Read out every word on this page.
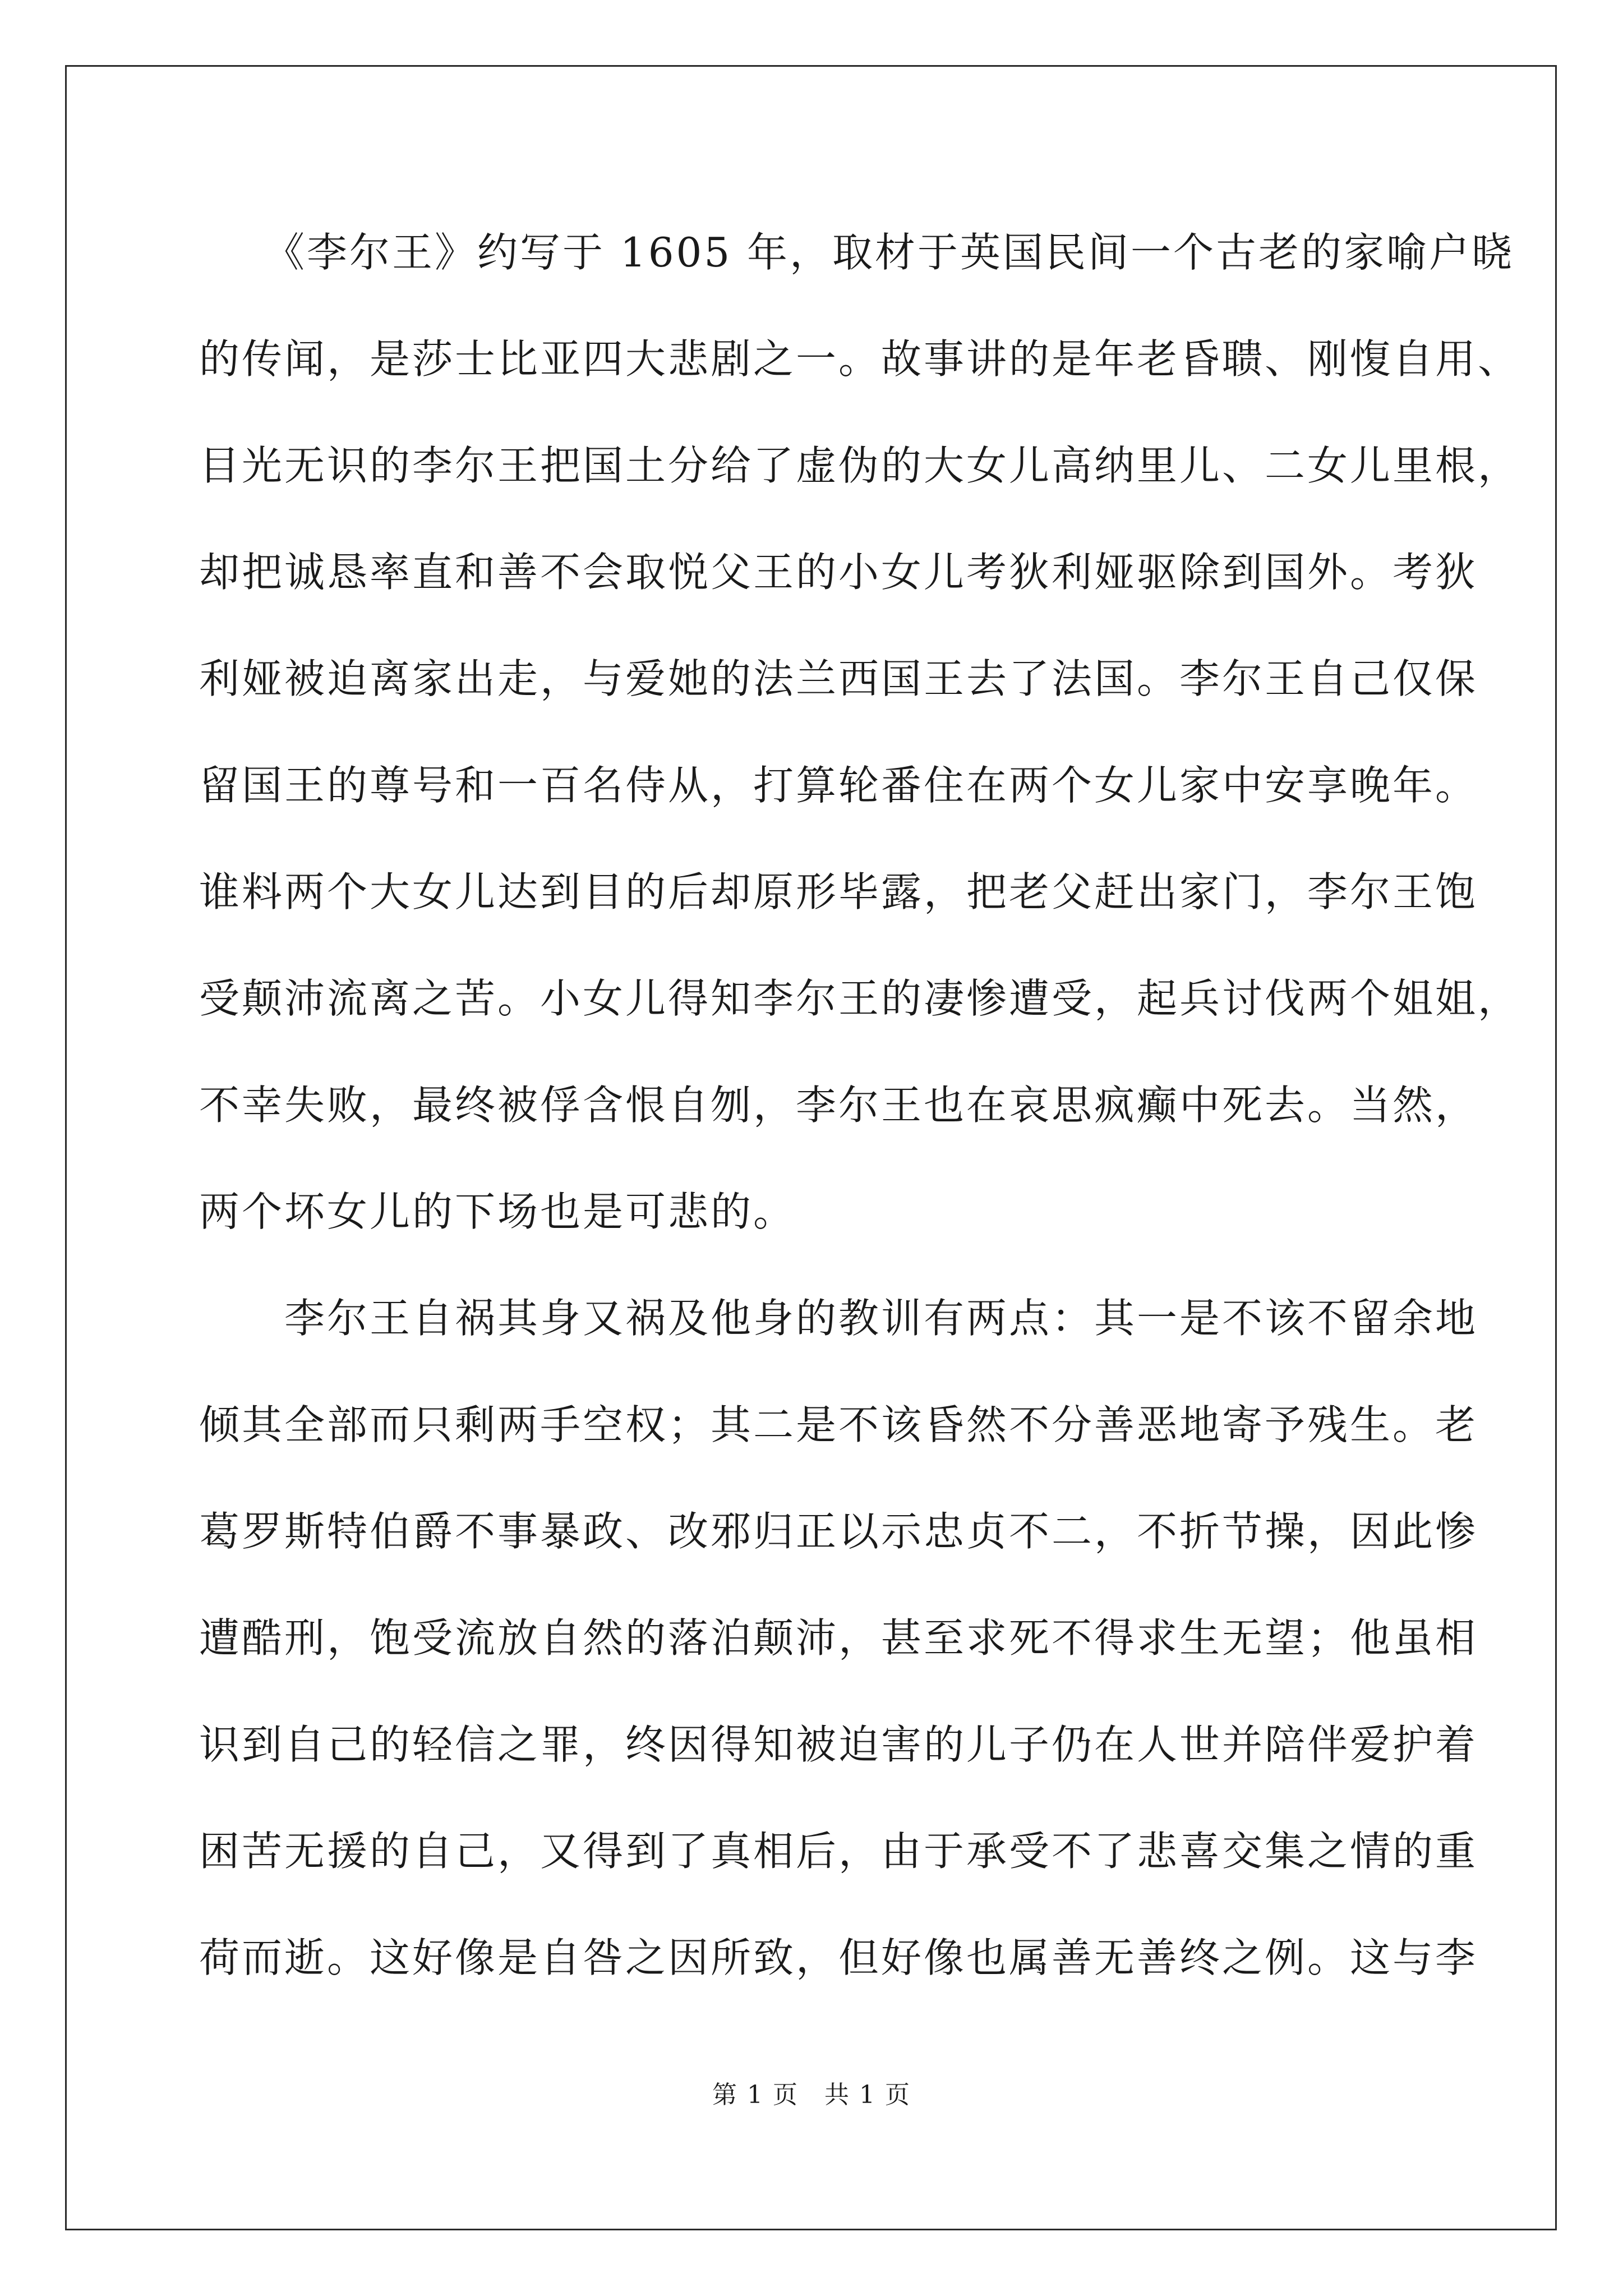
　　《李尔王》约写于 1605 年，取材于英国民间一个古老的家喻户晓
的传闻，是莎士比亚四大悲剧之一。故事讲的是年老昏聩、刚愎自用、
目光无识的李尔王把国土分给了虚伪的大女儿高纳里儿、二女儿里根，
却把诚恳率直和善不会取悦父王的小女儿考狄利娅驱除到国外。考狄
利娅被迫离家出走，与爱她的法兰西国王去了法国。李尔王自己仅保
留国王的尊号和一百名侍从，打算轮番住在两个女儿家中安享晚年。
谁料两个大女儿达到目的后却原形毕露，把老父赶出家门，李尔王饱
受颠沛流离之苦。小女儿得知李尔王的凄惨遭受，起兵讨伐两个姐姐，
不幸失败，最终被俘含恨自刎，李尔王也在哀思疯癫中死去。当然，
两个坏女儿的下场也是可悲的。
　　李尔王自祸其身又祸及他身的教训有两点：其一是不该不留余地
倾其全部而只剩两手空权；其二是不该昏然不分善恶地寄予残生。老
葛罗斯特伯爵不事暴政、改邪归正以示忠贞不二，不折节操，因此惨
遭酷刑，饱受流放自然的落泊颠沛，甚至求死不得求生无望；他虽相
识到自己的轻信之罪，终因得知被迫害的儿子仍在人世并陪伴爱护着
困苦无援的自己，又得到了真相后，由于承受不了悲喜交集之情的重
荷而逝。这好像是自咎之因所致，但好像也属善无善终之例。这与李
第 1 页　共 1 页
